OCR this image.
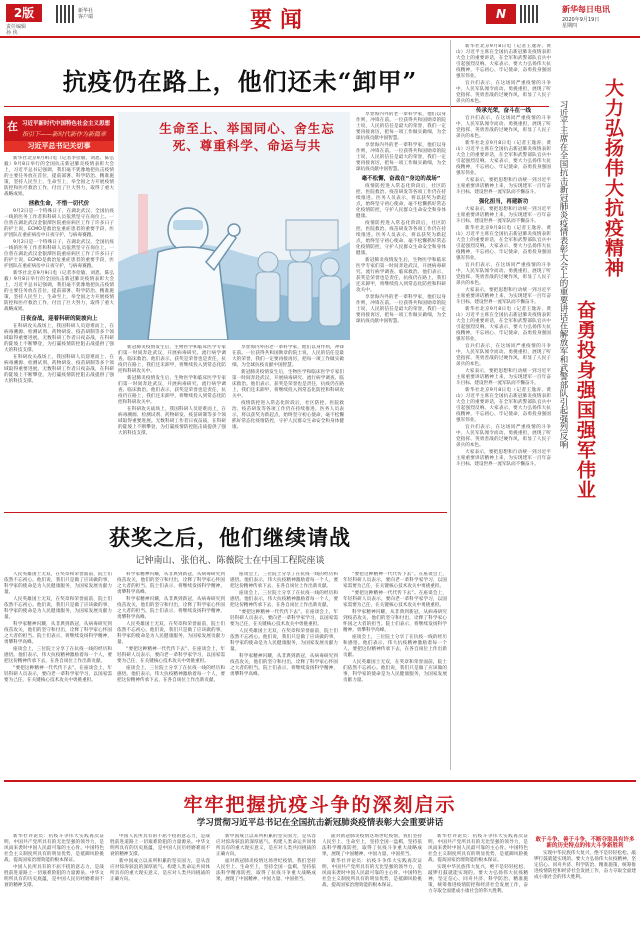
2版
责任编辑
孙 侠
新华社
客户端	要闻	N	新华每日电讯
2020年9月19日
星期四
抗疫仍在路上，他们还未“卸甲”
在 习近平新时代中国特色社会主义思想
指引下——新时代新作为新篇章
习近平总书记关切事

新华社北京9月9日电（记者李俭敏、刘恩、陈弘毅）9月8日举行的全国抗击新冠肺炎疫情表彰大会上，习近平总书记强调，我们毫不犹豫地把抗击疫情的主要任务放在首位，提前部署、科学防治、精准施策，坚持人民至上、生命至上，举全国之力开展疫情防控和医疗救治工作，付出了巨大努力，取得了重大战略成果。

拯救生命，不惜一切代价

9月2日是一个特殊日子，在湖北武汉，全国抗疫一线的医务工作者和科研人员依然坚守在岗位上。一位曾在湖北武汉金银潭医院重症病区工作了许多日子的护士说，ECMO是救治危重症患者的重要手段，医护团队在重症病房中日夜守护，与病毒赛跑。

9月2日是一个特殊日子，在湖北武汉，全国抗疫一线的医务工作者和科研人员依然坚守在岗位上。一位曾在湖北武汉金银潭医院重症病区工作了许多日子的护士说，ECMO是救治危重症患者的重要手段，医护团队在重症病房中日夜守护，与病毒赛跑。

新华社北京9月9日电（记者李俭敏、刘恩、陈弘毅）9月8日举行的全国抗击新冠肺炎疫情表彰大会上，习近平总书记强调，我们毫不犹豫地把抗击疫情的主要任务放在首位，提前部署、科学防治、精准施策，坚持人民至上、生命至上，举全国之力开展疫情防控和医疗救治工作，付出了巨大努力，取得了重大战略成果。

日夜奋战，迎着科研的陡坡向上

在科研攻关战场上，我国科研人员迎难而上，在病毒溯源、检测试剂、药物研发、疫苗研制等多个领域取得重要进展。无数科研工作者日夜奋战，在科研的陡坡上不断攀登，为打赢疫情防控阻击战提供了强大的科技支撑。

在科研攻关战场上，我国科研人员迎难而上，在病毒溯源、检测试剂、药物研发、疫苗研制等多个领域取得重要进展。无数科研工作者日夜奋战，在科研的陡坡上不断攀登，为打赢疫情防控阻击战提供了强大的科技支撑。

生命至上、举国同心、舍生忘死、尊重科学、命运与共

新冠肺炎疫情发生后，生物医学和临床医学专家们第一时间奔赴武汉，开展病毒研究、流行病学调查、临床救治。他们表示，获奖是荣誉也是责任，抗疫仍在路上，我们还未卸甲，将继续投入到常态化防控和科研攻关中。

新冠肺炎疫情发生后，生物医学和临床医学专家们第一时间奔赴武汉，开展病毒研究、流行病学调查、临床救治。他们表示，获奖是荣誉也是责任，抗疫仍在路上，我们还未卸甲，将继续投入到常态化防控和科研攻关中。

在科研攻关战场上，我国科研人员迎难而上，在病毒溯源、检测试剂、药物研发、疫苗研制等多个领域取得重要进展。无数科研工作者日夜奋战，在科研的陡坡上不断攀登，为打赢疫情防控阻击战提供了强大的科技支撑。

享誉海内外的老一辈科学家，他们以身作则，冲锋在前。一位获得共和国勋章的院士说，人民的信任是最大的荣誉，我们一定要再接再厉，把每一项工作做实做细，为全球抗疫贡献中国智慧。

新冠肺炎疫情发生后，生物医学和临床医学专家们第一时间奔赴武汉，开展病毒研究、流行病学调查、临床救治。他们表示，获奖是荣誉也是责任，抗疫仍在路上，我们还未卸甲，将继续投入到常态化防控和科研攻关中。

疫情防控进入常态化阶段后，社区防控、医院救治、疫苗研发等各项工作仍在持续推进。医务人员表示，将以获奖为新起点，始终坚守初心使命，毫不松懈抓好常态化疫情防控，守护人民群众生命安全和身体健康。

享誉海内外的老一辈科学家，他们以身作则，冲锋在前。一位获得共和国勋章的院士说，人民的信任是最大的荣誉，我们一定要再接再厉，把每一项工作做实做细，为全球抗疫贡献中国智慧。

享誉海内外的老一辈科学家，他们以身作则，冲锋在前。一位获得共和国勋章的院士说，人民的信任是最大的荣誉，我们一定要再接再厉，把每一项工作做实做细，为全球抗疫贡献中国智慧。

毫不松懈，奋战在“身边的战场”

疫情防控进入常态化阶段后，社区防控、医院救治、疫苗研发等各项工作仍在持续推进。医务人员表示，将以获奖为新起点，始终坚守初心使命，毫不松懈抓好常态化疫情防控，守护人民群众生命安全和身体健康。

疫情防控进入常态化阶段后，社区防控、医院救治、疫苗研发等各项工作仍在持续推进。医务人员表示，将以获奖为新起点，始终坚守初心使命，毫不松懈抓好常态化疫情防控，守护人民群众生命安全和身体健康。

新冠肺炎疫情发生后，生物医学和临床医学专家们第一时间奔赴武汉，开展病毒研究、流行病学调查、临床救治。他们表示，获奖是荣誉也是责任，抗疫仍在路上，我们还未卸甲，将继续投入到常态化防控和科研攻关中。

享誉海内外的老一辈科学家，他们以身作则，冲锋在前。一位获得共和国勋章的院士说，人民的信任是最大的荣誉，我们一定要再接再厉，把每一项工作做实做细，为全球抗疫贡献中国智慧。

新华社北京9月8日电（记者王逸涛、黄山）习近平主席在全国抗击新冠肺炎疫情表彰大会上的重要讲话，在全军和武警部队官兵中引起强烈反响。大家表示，要大力弘扬伟大抗疫精神，不忘初心、牢记使命，奋勇投身强国强军伟业。

官兵们表示，在这场同严重疫情的斗争中，人民军队闻令而动、勇挑重担，展现了听党指挥、英勇善战的过硬作风，彰显了人民子弟兵的本色。

传承光荣，奋斗在一线

官兵们表示，在这场同严重疫情的斗争中，人民军队闻令而动、勇挑重担，展现了听党指挥、英勇善战的过硬作风，彰显了人民子弟兵的本色。

新华社北京9月8日电（记者王逸涛、黄山）习近平主席在全国抗击新冠肺炎疫情表彰大会上的重要讲话，在全军和武警部队官兵中引起强烈反响。大家表示，要大力弘扬伟大抗疫精神，不忘初心、牢记使命，奋勇投身强国强军伟业。

大家表示，要把思想和行动统一到习近平主席重要讲话精神上来，为实现建军一百年奋斗目标、建设世界一流军队而不懈奋斗。

强化担当，再建新功

大家表示，要把思想和行动统一到习近平主席重要讲话精神上来，为实现建军一百年奋斗目标、建设世界一流军队而不懈奋斗。

新华社北京9月8日电（记者王逸涛、黄山）习近平主席在全国抗击新冠肺炎疫情表彰大会上的重要讲话，在全军和武警部队官兵中引起强烈反响。大家表示，要大力弘扬伟大抗疫精神，不忘初心、牢记使命，奋勇投身强国强军伟业。

官兵们表示，在这场同严重疫情的斗争中，人民军队闻令而动、勇挑重担，展现了听党指挥、英勇善战的过硬作风，彰显了人民子弟兵的本色。

大家表示，要把思想和行动统一到习近平主席重要讲话精神上来，为实现建军一百年奋斗目标、建设世界一流军队而不懈奋斗。

新华社北京9月8日电（记者王逸涛、黄山）习近平主席在全国抗击新冠肺炎疫情表彰大会上的重要讲话，在全军和武警部队官兵中引起强烈反响。大家表示，要大力弘扬伟大抗疫精神，不忘初心、牢记使命，奋勇投身强国强军伟业。

官兵们表示，在这场同严重疫情的斗争中，人民军队闻令而动、勇挑重担，展现了听党指挥、英勇善战的过硬作风，彰显了人民子弟兵的本色。

大家表示，要把思想和行动统一到习近平主席重要讲话精神上来，为实现建军一百年奋斗目标、建设世界一流军队而不懈奋斗。

新华社北京9月8日电（记者王逸涛、黄山）习近平主席在全国抗击新冠肺炎疫情表彰大会上的重要讲话，在全军和武警部队官兵中引起强烈反响。大家表示，要大力弘扬伟大抗疫精神，不忘初心、牢记使命，奋勇投身强国强军伟业。

官兵们表示，在这场同严重疫情的斗争中，人民军队闻令而动、勇挑重担，展现了听党指挥、英勇善战的过硬作风，彰显了人民子弟兵的本色。

大家表示，要把思想和行动统一到习近平主席重要讲话精神上来，为实现建军一百年奋斗目标、建设世界一流军队而不懈奋斗。

大力弘扬伟大抗疫精神
奋勇投身强国强军伟业
习近平主席在全国抗击新冠肺炎疫情表彰大会上的重要讲话在解放军和武警部队引起强烈反响
获奖之后，他们继续请战
记钟南山、张伯礼、陈薇院士在中国工程院座谈

人民英雄国士无双，在奖章和荣誉面前，院士们依然不忘初心。他们说，我们只是做了应该做的事，科学家的使命是为人民健康服务，为国家发展贡献力量。

人民英雄国士无双，在奖章和荣誉面前，院士们依然不忘初心。他们说，我们只是做了应该做的事，科学家的使命是为人民健康服务，为国家发展贡献力量。

科学家精神闪耀，从非典到新冠，从病毒研究到疫苗攻关，他们的坚守和付出，诠释了科学家心怀国之大者的担当。院士们表示，将继续发扬科学精神，勇攀科学高峰。

座谈会上，三位院士分享了在抗疫一线的经历和感悟。他们表示，伟大抗疫精神激励着每一个人，要把这份精神传承下去，在各自岗位上作出新贡献。

“要把这种精神一代代传下去”。在座谈会上，年轻科研人员表示，要向老一辈科学家学习，以国家需要为己任，在关键核心技术攻关中勇挑重担。

科学家精神闪耀，从非典到新冠，从病毒研究到疫苗攻关，他们的坚守和付出，诠释了科学家心怀国之大者的担当。院士们表示，将继续发扬科学精神，勇攀科学高峰。

科学家精神闪耀，从非典到新冠，从病毒研究到疫苗攻关，他们的坚守和付出，诠释了科学家心怀国之大者的担当。院士们表示，将继续发扬科学精神，勇攀科学高峰。

人民英雄国士无双，在奖章和荣誉面前，院士们依然不忘初心。他们说，我们只是做了应该做的事，科学家的使命是为人民健康服务，为国家发展贡献力量。

“要把这种精神一代代传下去”。在座谈会上，年轻科研人员表示，要向老一辈科学家学习，以国家需要为己任，在关键核心技术攻关中勇挑重担。

座谈会上，三位院士分享了在抗疫一线的经历和感悟。他们表示，伟大抗疫精神激励着每一个人，要把这份精神传承下去，在各自岗位上作出新贡献。

座谈会上，三位院士分享了在抗疫一线的经历和感悟。他们表示，伟大抗疫精神激励着每一个人，要把这份精神传承下去，在各自岗位上作出新贡献。

座谈会上，三位院士分享了在抗疫一线的经历和感悟。他们表示，伟大抗疫精神激励着每一个人，要把这份精神传承下去，在各自岗位上作出新贡献。

“要把这种精神一代代传下去”。在座谈会上，年轻科研人员表示，要向老一辈科学家学习，以国家需要为己任，在关键核心技术攻关中勇挑重担。

人民英雄国士无双，在奖章和荣誉面前，院士们依然不忘初心。他们说，我们只是做了应该做的事，科学家的使命是为人民健康服务，为国家发展贡献力量。

科学家精神闪耀，从非典到新冠，从病毒研究到疫苗攻关，他们的坚守和付出，诠释了科学家心怀国之大者的担当。院士们表示，将继续发扬科学精神，勇攀科学高峰。

“要把这种精神一代代传下去”。在座谈会上，年轻科研人员表示，要向老一辈科学家学习，以国家需要为己任，在关键核心技术攻关中勇挑重担。

“要把这种精神一代代传下去”。在座谈会上，年轻科研人员表示，要向老一辈科学家学习，以国家需要为己任，在关键核心技术攻关中勇挑重担。

科学家精神闪耀，从非典到新冠，从病毒研究到疫苗攻关，他们的坚守和付出，诠释了科学家心怀国之大者的担当。院士们表示，将继续发扬科学精神，勇攀科学高峰。

座谈会上，三位院士分享了在抗疫一线的经历和感悟。他们表示，伟大抗疫精神激励着每一个人，要把这份精神传承下去，在各自岗位上作出新贡献。

人民英雄国士无双，在奖章和荣誉面前，院士们依然不忘初心。他们说，我们只是做了应该做的事，科学家的使命是为人民健康服务，为国家发展贡献力量。

牢牢把握抗疫斗争的深刻启示
学习贯彻习近平总书记在全国抗击新冠肺炎疫情表彰大会重要讲话

新华社评论员：抗疫斗争伟大实践再次证明，中国共产党所具有的无比坚强的领导力，是风雨来袭时中国人民最可靠的主心骨。中国特色社会主义制度所具有的明显优势，是抵御风险挑战、提高国家治理效能的根本保证。

中国人民所具有的不屈不挠的意志力，是战胜前进道路上一切艰难险阻的力量源泉。中华文明所具有的历史底蕴，是中国人民历经磨难而不衰的精神支撑。

中国人民所具有的不屈不挠的意志力，是战胜前进道路上一切艰难险阻的力量源泉。中华文明所具有的历史底蕴，是中国人民历经磨难而不衰的精神支撑。

新中国成立以来所积累的坚实国力，是从容应对惊涛骇浪的深厚底气。构建人类命运共同体所具有的重大现实意义，是应对人类共同挑战的正确方向。

新中国成立以来所积累的坚实国力，是从容应对惊涛骇浪的深厚底气。构建人类命运共同体所具有的重大现实意义，是应对人类共同挑战的正确方向。

面对新冠肺炎疫情这场世纪疫情，我们坚持人民至上、生命至上，坚持全国一盘棋，坚持依法科学精准防控，取得了抗疫斗争重大战略成果，展现了中国精神、中国力量、中国担当。

面对新冠肺炎疫情这场世纪疫情，我们坚持人民至上、生命至上，坚持全国一盘棋，坚持依法科学精准防控，取得了抗疫斗争重大战略成果，展现了中国精神、中国力量、中国担当。

新华社评论员：抗疫斗争伟大实践再次证明，中国共产党所具有的无比坚强的领导力，是风雨来袭时中国人民最可靠的主心骨。中国特色社会主义制度所具有的明显优势，是抵御风险挑战、提高国家治理效能的根本保证。

新华社评论员：抗疫斗争伟大实践再次证明，中国共产党所具有的无比坚强的领导力，是风雨来袭时中国人民最可靠的主心骨。中国特色社会主义制度所具有的明显优势，是抵御风险挑战、提高国家治理效能的根本保证。

实现中华民族伟大复兴，绝不是轻轻松松、敲锣打鼓就能实现的。要大力弘扬伟大抗疫精神，坚定信心、同舟共济、科学防治、精准施策，统筹推进疫情防控和经济社会发展工作，奋力夺取全面建成小康社会的伟大胜利。

敢于斗争、善于斗争，不断夺取具有许多新的历史特点的伟大斗争新胜利

实现中华民族伟大复兴，绝不是轻轻松松、敲锣打鼓就能实现的。要大力弘扬伟大抗疫精神，坚定信心、同舟共济、科学防治、精准施策，统筹推进疫情防控和经济社会发展工作，奋力夺取全面建成小康社会的伟大胜利。
